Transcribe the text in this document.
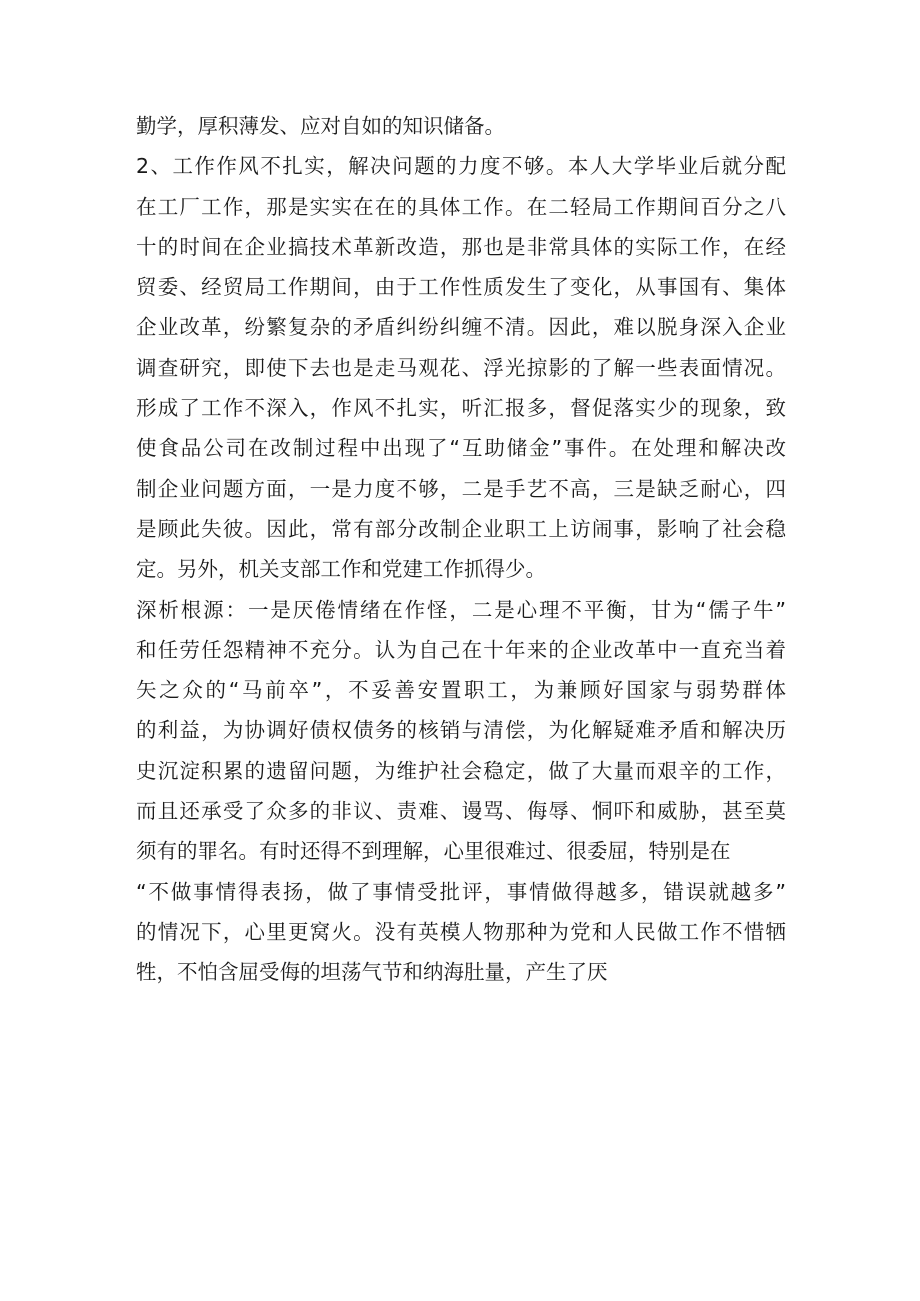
勤学，厚积薄发、应对自如的知识储备。
2、工作作风不扎实，解决问题的力度不够。本人大学毕业后就分配
在工厂工作，那是实实在在的具体工作。在二轻局工作期间百分之八
十的时间在企业搞技术革新改造，那也是非常具体的实际工作，在经
贸委、经贸局工作期间，由于工作性质发生了变化，从事国有、集体
企业改革，纷繁复杂的矛盾纠纷纠缠不清。因此，难以脱身深入企业
调查研究，即使下去也是走马观花、浮光掠影的了解一些表面情况。
形成了工作不深入，作风不扎实，听汇报多，督促落实少的现象，致
使食品公司在改制过程中出现了“互助储金”事件。在处理和解决改
制企业问题方面，一是力度不够，二是手艺不高，三是缺乏耐心，四
是顾此失彼。因此，常有部分改制企业职工上访闹事，影响了社会稳
定。另外，机关支部工作和党建工作抓得少。
深析根源：一是厌倦情绪在作怪，二是心理不平衡，甘为“儒子牛”
和任劳任怨精神不充分。认为自己在十年来的企业改革中一直充当着
矢之众的“马前卒”，不妥善安置职工，为兼顾好国家与弱势群体
的利益，为协调好债权债务的核销与清偿，为化解疑难矛盾和解决历
史沉淀积累的遗留问题，为维护社会稳定，做了大量而艰辛的工作，
而且还承受了众多的非议、责难、谩骂、侮辱、恫吓和威胁，甚至莫
须有的罪名。有时还得不到理解，心里很难过、很委屈，特别是在
“不做事情得表扬，做了事情受批评，事情做得越多，错误就越多”
的情况下，心里更窝火。没有英模人物那种为党和人民做工作不惜牺
牲，不怕含屈受侮的坦荡气节和纳海肚量，产生了厌
